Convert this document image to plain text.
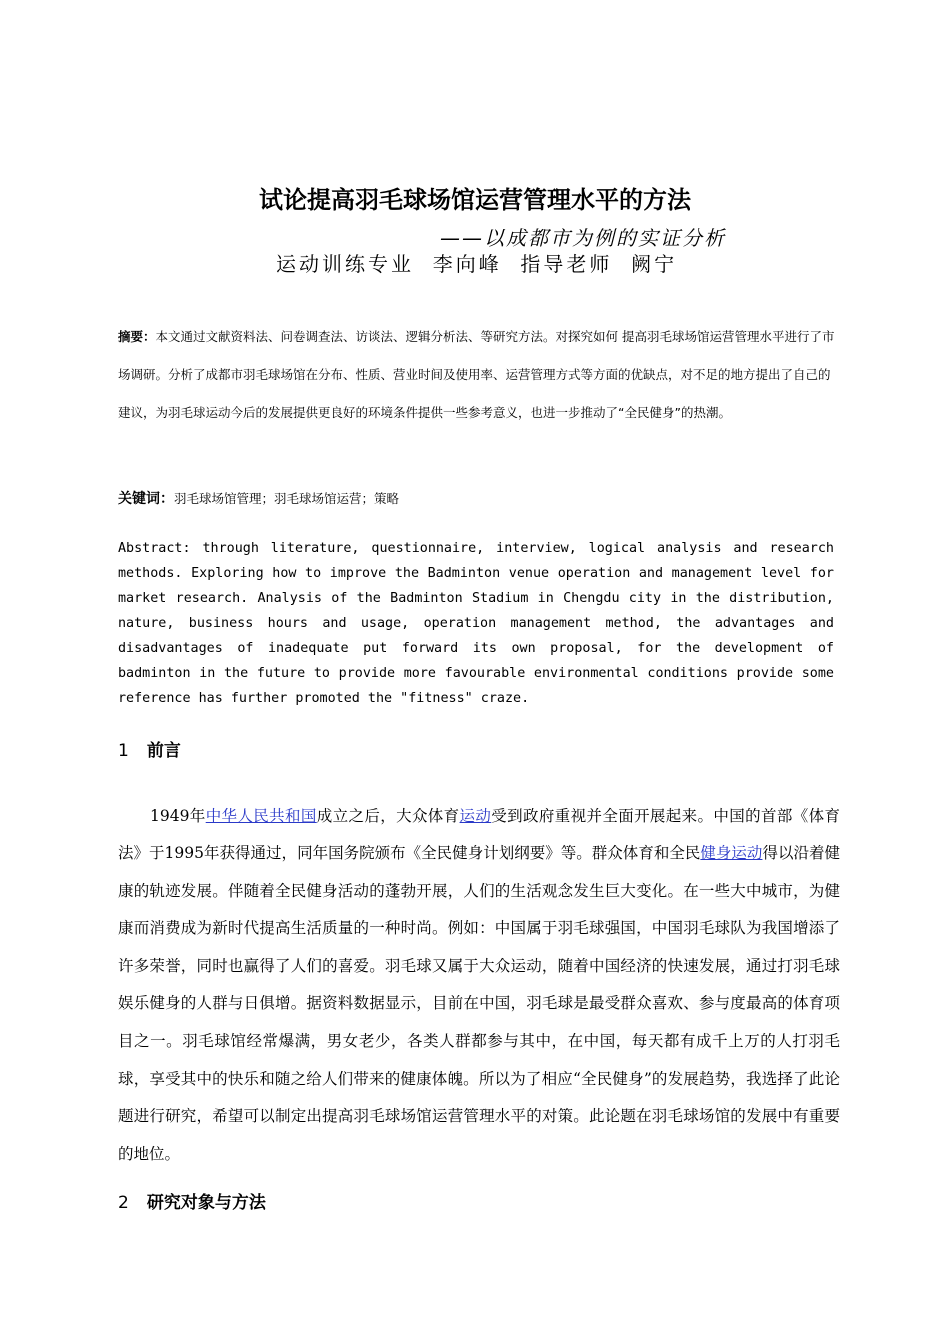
试论提高羽毛球场馆运营管理水平的方法
——以成都市为例的实证分析
运动训练专业  李向峰  指导老师  阙宁
摘要：本文通过文献资料法、问卷调查法、访谈法、逻辑分析法、等研究方法。对探究如何 提高羽毛球场馆运营管理水平进行了市场调研。分析了成都市羽毛球场馆在分布、性质、营业时间及使用率、运营管理方式等方面的优缺点，对不足的地方提出了自己的建议，为羽毛球运动今后的发展提供更良好的环境条件提供一些参考意义，也进一步推动了“全民健身”的热潮。
关键词：羽毛球场馆管理；羽毛球场馆运营；策略
Abstract: through literature, questionnaire, interview, logical analysis and research methods. Exploring how to improve the Badminton venue operation and management level for market research. Analysis of the Badminton Stadium in Chengdu city in the distribution, nature, business hours and usage, operation management method, the advantages and disadvantages of inadequate put forward its own proposal, for the development of badminton in the future to provide more favourable environmental conditions provide some reference has further promoted the "fitness" craze.
1 前言

1949年中华人民共和国成立之后，大众体育运动受到政府重视并全面开展起来。中国的首部《体育法》于1995年获得通过，同年国务院颁布《全民健身计划纲要》等。群众体育和全民健身运动得以沿着健康的轨迹发展。伴随着全民健身活动的蓬勃开展，人们的生活观念发生巨大变化。在一些大中城市，为健康而消费成为新时代提高生活质量的一种时尚。例如：中国属于羽毛球强国，中国羽毛球队为我国增添了许多荣誉，同时也赢得了人们的喜爱。羽毛球又属于大众运动，随着中国经济的快速发展，通过打羽毛球娱乐健身的人群与日俱增。据资料数据显示，目前在中国，羽毛球是最受群众喜欢、参与度最高的体育项目之一。羽毛球馆经常爆满，男女老少，各类人群都参与其中，在中国，每天都有成千上万的人打羽毛球，享受其中的快乐和随之给人们带来的健康体魄。所以为了相应“全民健身”的发展趋势，我选择了此论题进行研究，希望可以制定出提高羽毛球场馆运营管理水平的对策。此论题在羽毛球场馆的发展中有重要的地位。

2 研究对象与方法
